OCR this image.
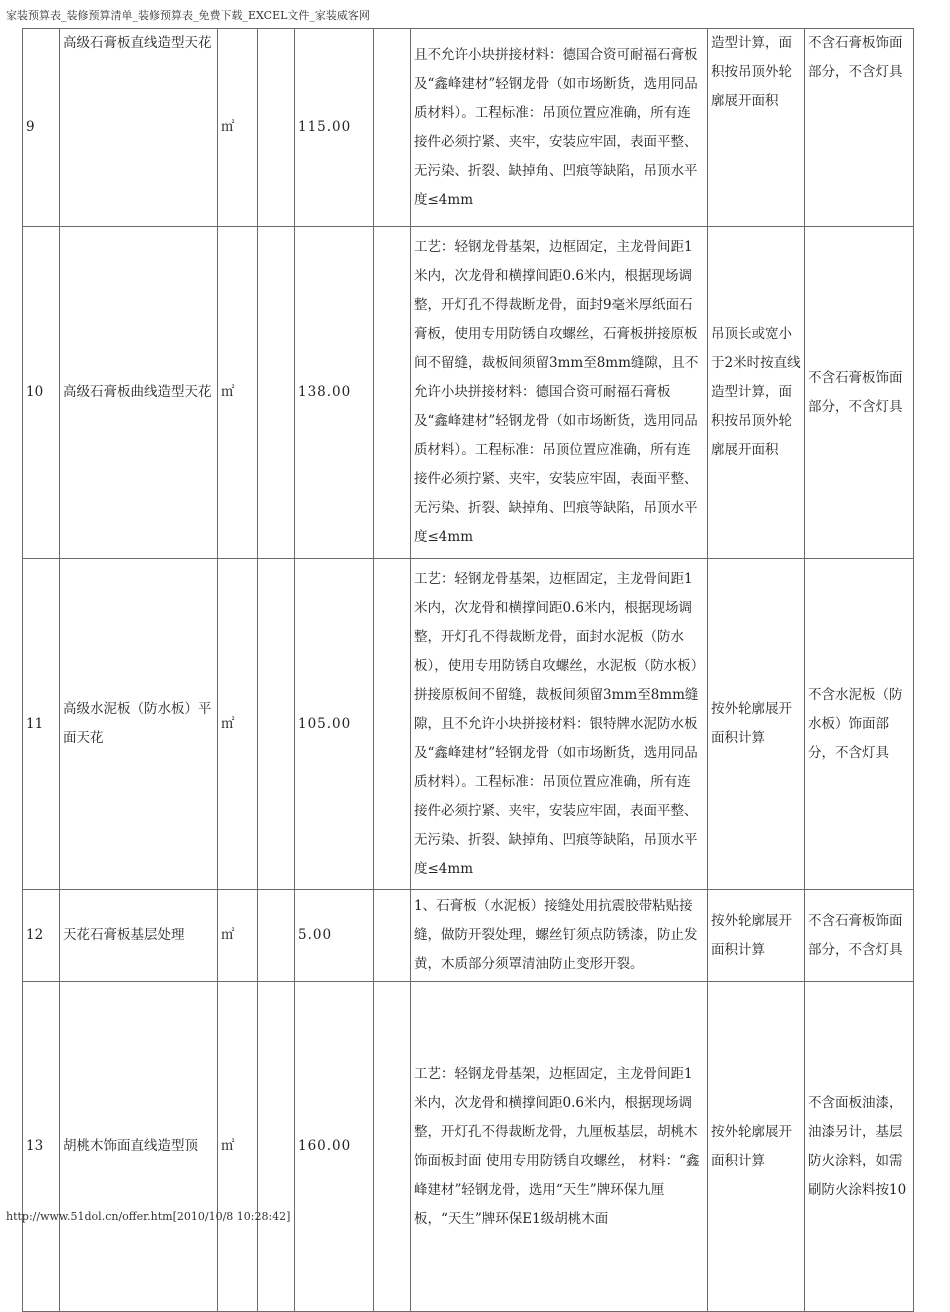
家装预算表_装修预算清单_装修预算表_免费下载_EXCEL文件_家装威客网
9	高级石膏板直线造型天花	㎡		115.00		且不允许小块拼接材料：德国合资可耐福石膏板及“鑫峰建材”轻钢龙骨（如市场断货，选用同品质材料）。工程标准：吊顶位置应准确，所有连接件必须拧紧、夹牢，安装应牢固，表面平整、无污染、折裂、缺掉角、凹痕等缺陷，吊顶水平度≤4mm	造型计算，面积按吊顶外轮廓展开面积	不含石膏板饰面部分，不含灯具
10	高级石膏板曲线造型天花	㎡		138.00		工艺：轻钢龙骨基架，边框固定，主龙骨间距1米内，次龙骨和横撑间距0.6米内，根据现场调整，开灯孔不得裁断龙骨，面封9毫米厚纸面石膏板，使用专用防锈自攻螺丝，石膏板拼接原板间不留缝，裁板间须留3mm至8mm缝隙，且不允许小块拼接材料：德国合资可耐福石膏板及“鑫峰建材”轻钢龙骨（如市场断货，选用同品质材料）。工程标准：吊顶位置应准确，所有连接件必须拧紧、夹牢，安装应牢固，表面平整、无污染、折裂、缺掉角、凹痕等缺陷，吊顶水平度≤4mm	吊顶长或宽小于2米时按直线造型计算，面积按吊顶外轮廓展开面积	不含石膏板饰面部分，不含灯具
11	高级水泥板（防水板）平面天花	㎡		105.00		工艺：轻钢龙骨基架，边框固定，主龙骨间距1米内，次龙骨和横撑间距0.6米内，根据现场调整，开灯孔不得裁断龙骨，面封水泥板（防水板），使用专用防锈自攻螺丝，水泥板（防水板）拼接原板间不留缝，裁板间须留3mm至8mm缝隙，且不允许小块拼接材料：银特牌水泥防水板及“鑫峰建材”轻钢龙骨（如市场断货，选用同品质材料）。工程标准：吊顶位置应准确，所有连接件必须拧紧、夹牢，安装应牢固，表面平整、无污染、折裂、缺掉角、凹痕等缺陷，吊顶水平度≤4mm	按外轮廓展开面积计算	不含水泥板（防水板）饰面部分，不含灯具
12	天花石膏板基层处理	㎡		5.00		1、石膏板（水泥板）接缝处用抗震胶带粘贴接缝，做防开裂处理，螺丝钉须点防锈漆，防止发黄，木质部分须罩清油防止变形开裂。	按外轮廓展开面积计算	不含石膏板饰面部分，不含灯具
13	胡桃木饰面直线造型顶	㎡		160.00		工艺：轻钢龙骨基架，边框固定，主龙骨间距1米内，次龙骨和横撑间距0.6米内，根据现场调整，开灯孔不得裁断龙骨，九厘板基层，胡桃木饰面板封面 使用专用防锈自攻螺丝， 材料：“鑫峰建材”轻钢龙骨，选用“天生”牌环保九厘板，“天生”牌环保E1级胡桃木面	按外轮廓展开面积计算	不含面板油漆，油漆另计，基层防火涂料，如需刷防火涂料按10
http://www.51dol.cn/offer.htm[2010/10/8 10:28:42]
